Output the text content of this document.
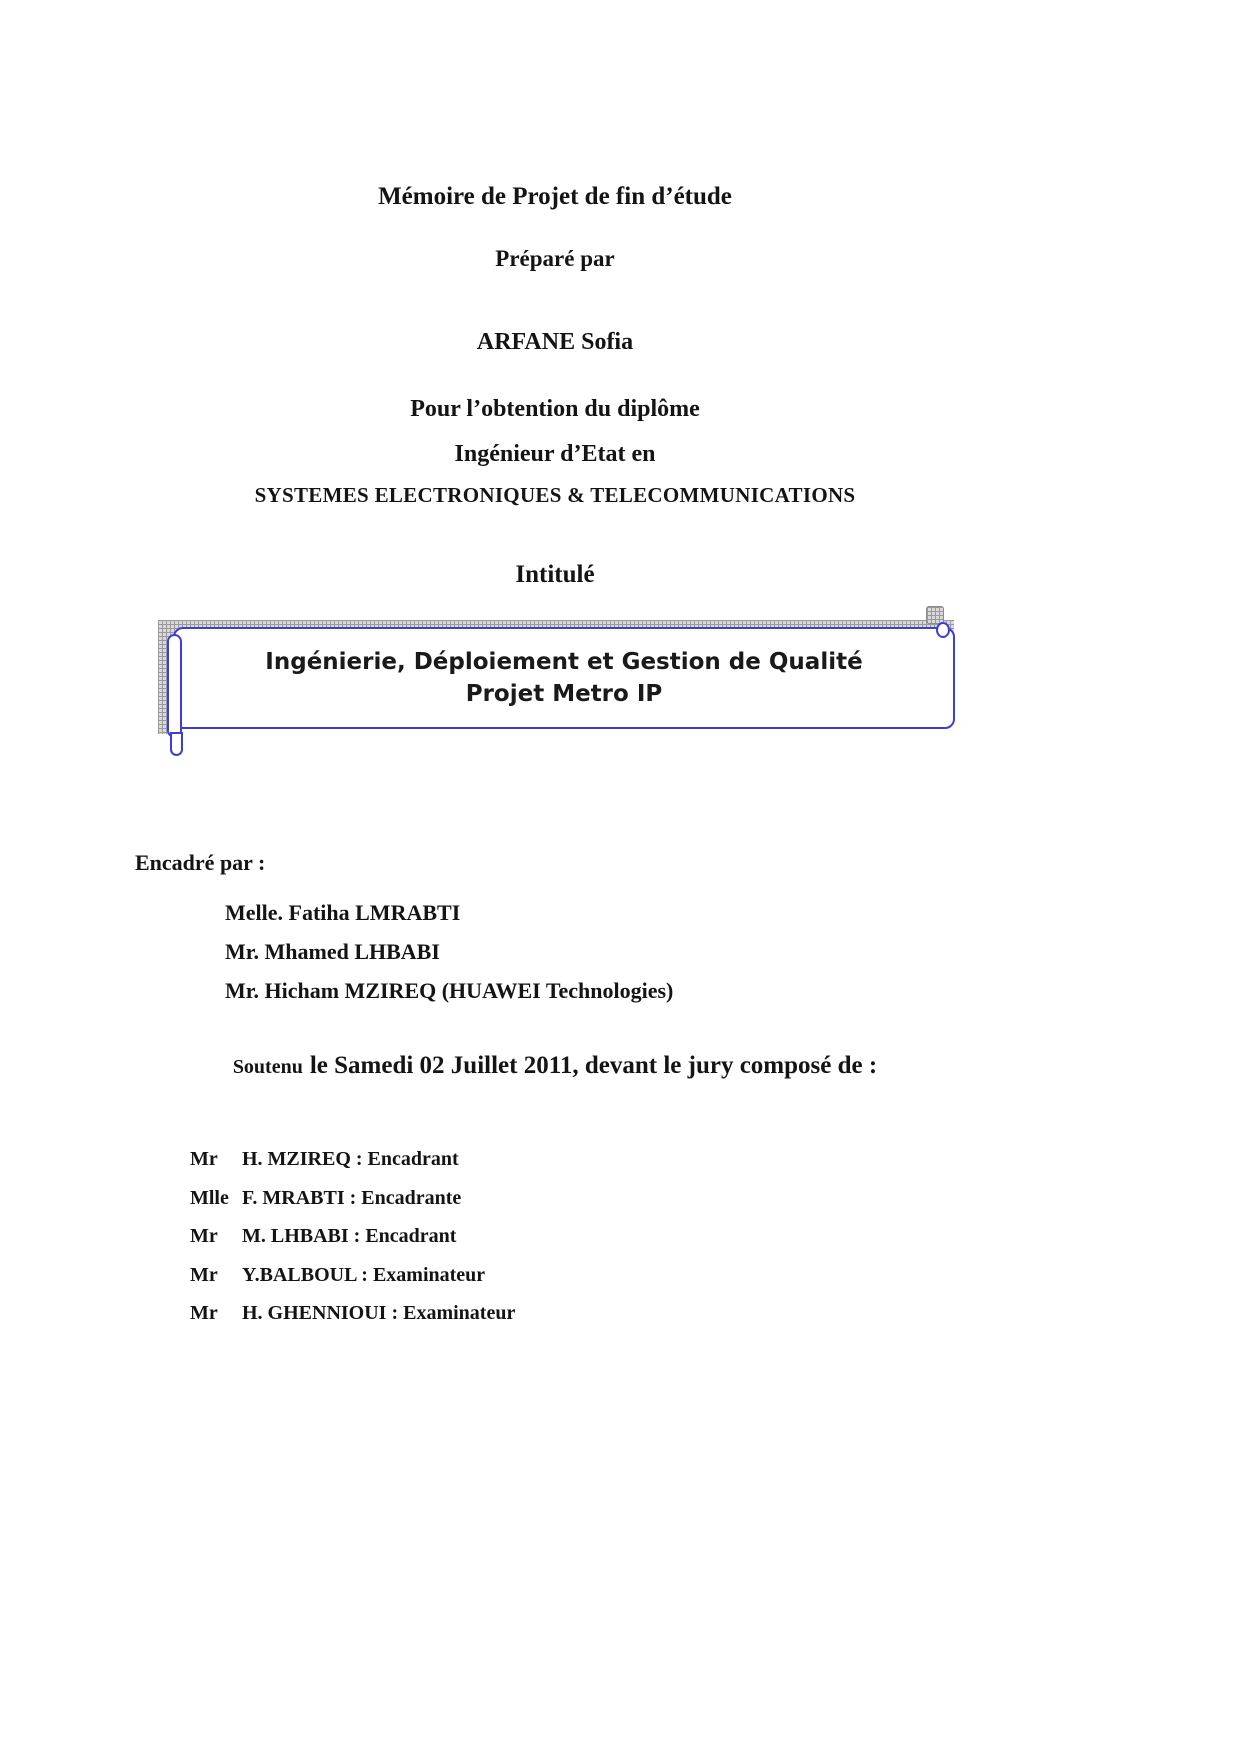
Mémoire de Projet de fin d’étude
Préparé par
ARFANE Sofia
Pour l’obtention du diplôme
Ingénieur d’Etat en
SYSTEMES ELECTRONIQUES & TELECOMMUNICATIONS
Intitulé
Ingénierie, Déploiement et Gestion de Qualité
Projet Metro IP
Encadré par :
Melle. Fatiha LMRABTI
Mr. Mhamed LHBABI
Mr. Hicham MZIREQ (HUAWEI Technologies)
Soutenu le Samedi 02 Juillet 2011, devant le jury composé de :
Mr H. MZIREQ : Encadrant
Mlle F. MRABTI : Encadrante
Mr M. LHBABI : Encadrant
Mr Y.BALBOUL : Examinateur
Mr H. GHENNIOUI : Examinateur
